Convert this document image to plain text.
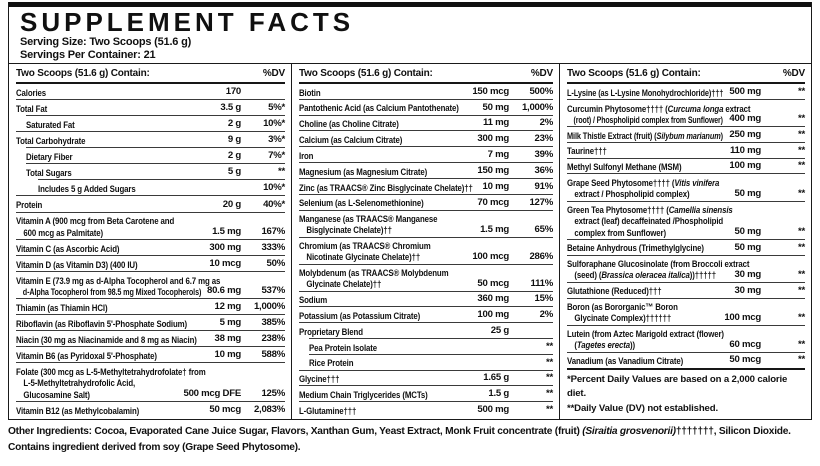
SUPPLEMENT FACTS
Serving Size: Two Scoops (51.6 g)
Servings Per Container: 21
Two Scoops (51.6 g) Contain:	%DV
Calories	170
Total Fat	3.5 g	5%*
Saturated Fat	2 g 10%*
Total Carbohydrate	9 g	3%*
Dietary Fiber	2 g	7%*
Total Sugars	5 g	**
Includes 5 g Added Sugars	10%*
Protein	20 g 40%*
Vitamin A (900 mcg from Beta Carotene and
600 mcg as Palmitate)	1.5 mg 167%
Vitamin C (as Ascorbic Acid)	300 mg 333%
Vitamin D (as Vitamin D3) (400 IU)	10 mcg	50%
Vitamin E (73.9 mg as d-Alpha Tocopherol and 6.7 mg as
d-Alpha Tocopherol from 98.5 mg Mixed Tocopherols) 80.6 mg 537%
Thiamin (as Thiamin HCl)	12 mg 1,000%
Riboflavin (as Riboflavin 5'-Phosphate Sodium)	5 mg 385%
Niacin (30 mg as Niacinamide and 8 mg as Niacin)	38 mg 238%
Vitamin B6 (as Pyridoxal 5'-Phosphate)	10 mg 588%
Folate (300 mcg as L-5-Methyltetrahydrofolate† from
L-5-Methyltetrahydrofolic Acid,
Glucosamine Salt)	500 mcg DFE 125%
Vitamin B12 (as Methylcobalamin)	50 mcg 2,083%
Two Scoops (51.6 g) Contain:	%DV
Biotin	150 mcg 500%
Pantothenic Acid (as Calcium Pantothenate)	50 mg 1,000%
Choline (as Choline Citrate)	11 mg	2%
Calcium (as Calcium Citrate)	300 mg	23%
Iron	7 mg	39%
Magnesium (as Magnesium Citrate)	150 mg	36%
Zinc (as TRAACS® Zinc Bisglycinate Chelate)††	10 mg	91%
Selenium (as L-Selenomethionine)	70 mcg 127%
Manganese (as TRAACS® Manganese
Bisglycinate Chelate)††	1.5 mg	65%
Chromium (as TRAACS® Chromium
Nicotinate Glycinate Chelate)††	100 mcg 286%
Molybdenum (as TRAACS® Molybdenum
Glycinate Chelate)††	50 mcg 111%
Sodium	360 mg	15%
Potassium (as Potassium Citrate)	100 mg	2%
Proprietary Blend	25 g
Pea Protein Isolate	**
Rice Protein	**
Glycine†††	1.65 g	**
Medium Chain Triglycerides (MCTs)	1.5 g	**
L-Glutamine†††	500 mg	**
Two Scoops (51.6 g) Contain:	%DV
L-Lysine (as L-Lysine Monohydrochloride)††† 500 mg	**
Curcumin Phytosome†††† (Curcuma longa extract
(root) / Phospholipid complex from Sunflower) 400 mg	**
Milk Thistle Extract (fruit) (Silybum marianum) 250 mg	**
Taurine†††	110 mg	**
Methyl Sulfonyl Methane (MSM)	100 mg	**
Grape Seed Phytosome†††† (Vitis vinifera
extract / Phospholipid complex)	50 mg	**
Green Tea Phytosome†††† (Camellia sinensis
extract (leaf) decaffeinated /Phospholipid
complex from Sunflower)	50 mg	**
Betaine Anhydrous (Trimethylglycine)	50 mg	**
Sulforaphane Glucosinolate (from Broccoli extract
(seed) (Brassica oleracea italica))†††††	30 mg	**
Glutathione (Reduced)†††	30 mg	**
Boron (as Bororganic™ Boron
Glycinate Complex)††††††	100 mcg	**
Lutein (from Aztec Marigold extract (flower)
(Tagetes erecta))	60 mcg	**
Vanadium (as Vanadium Citrate)	50 mcg	**
*Percent Daily Values are based on a 2,000 calorie diet.
**Daily Value (DV) not established.
Other Ingredients: Cocoa, Evaporated Cane Juice Sugar, Flavors, Xanthan Gum, Yeast Extract, Monk Fruit concentrate (fruit) (Siraitia grosvenorii)†††††††, Silicon Dioxide.
Contains ingredient derived from soy (Grape Seed Phytosome).
